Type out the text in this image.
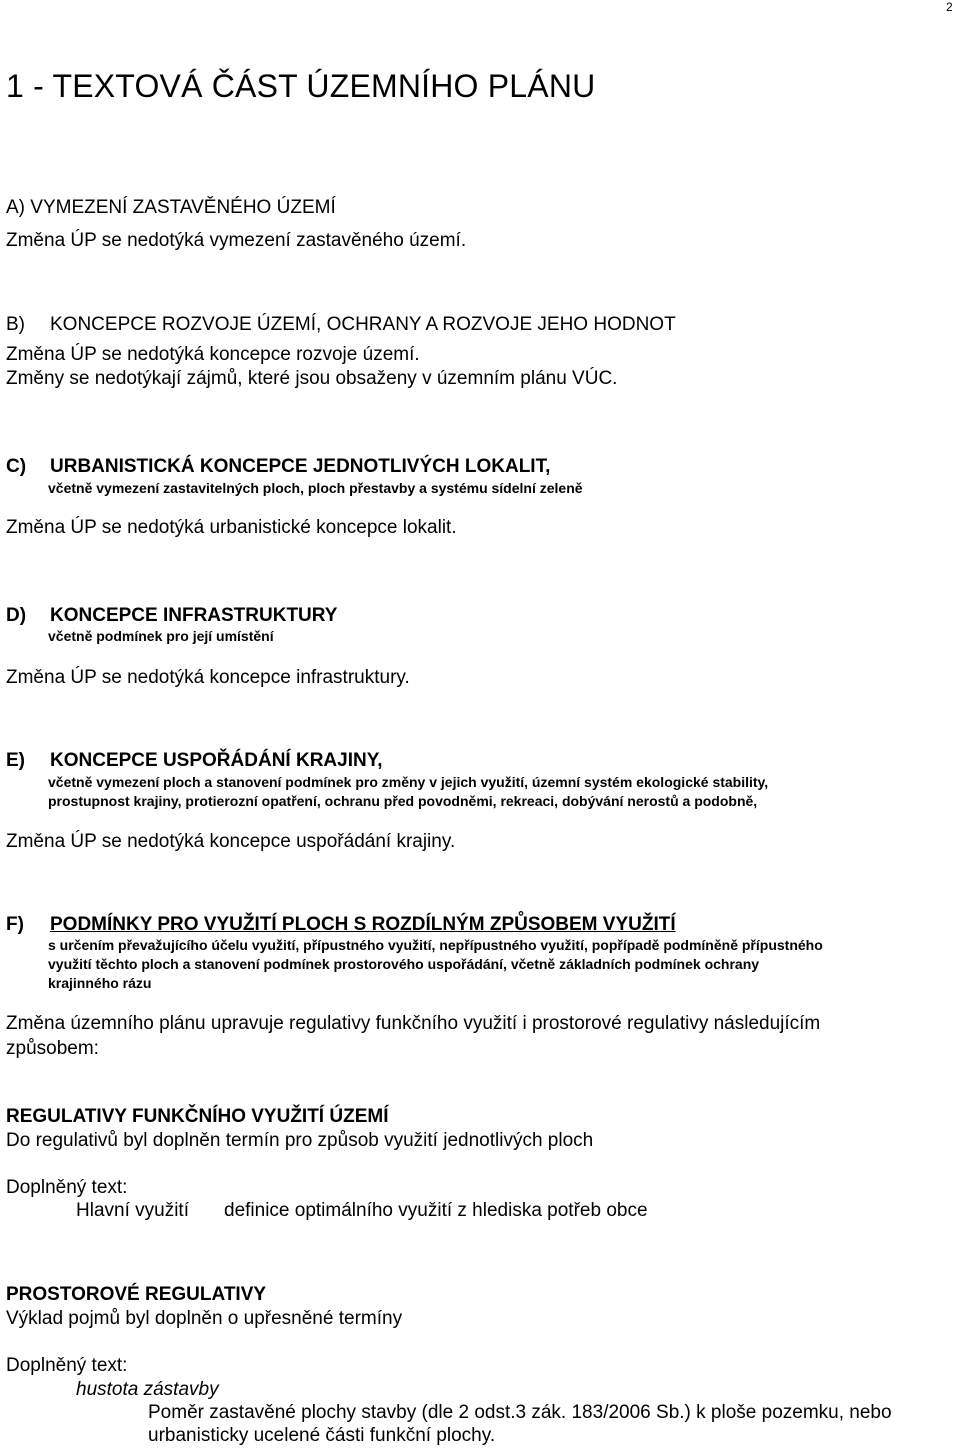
2
1 - TEXTOVÁ ČÁST ÚZEMNÍHO PLÁNU
A) VYMEZENÍ ZASTAVĚNÉHO ÚZEMÍ
Změna ÚP se nedotýká vymezení zastavěného území.
B) KONCEPCE ROZVOJE ÚZEMÍ, OCHRANY A ROZVOJE JEHO HODNOT
Změna ÚP se nedotýká koncepce rozvoje území.
Změny se nedotýkají zájmů, které jsou obsaženy v územním plánu VÚC.
C) URBANISTICKÁ KONCEPCE JEDNOTLIVÝCH LOKALIT,
včetně vymezení zastavitelných ploch, ploch přestavby a systému sídelní zeleně
Změna ÚP se nedotýká urbanistické koncepce lokalit.
D) KONCEPCE INFRASTRUKTURY
včetně podmínek pro její umístění
Změna ÚP se nedotýká koncepce infrastruktury.
E) KONCEPCE USPOŘÁDÁNÍ KRAJINY,
včetně vymezení ploch a stanovení podmínek pro změny v jejich využití, územní systém ekologické stability,
prostupnost krajiny, protierozní opatření, ochranu před povodněmi, rekreaci, dobývání nerostů a podobně,
Změna ÚP se nedotýká koncepce uspořádání krajiny.
F) PODMÍNKY PRO VYUŽITÍ PLOCH S ROZDÍLNÝM ZPŮSOBEM VYUŽITÍ
s určením převažujícího účelu využití, přípustného využití, nepřípustného využití, popřípadě podmíněně přípustného
využití těchto ploch a stanovení podmínek prostorového uspořádání, včetně základních podmínek ochrany
krajinného rázu
Změna územního plánu upravuje regulativy funkčního využití i prostorové regulativy následujícím
způsobem:
REGULATIVY FUNKČNÍHO VYUŽITÍ ÚZEMÍ
Do regulativů byl doplněn termín pro způsob využití jednotlivých ploch
Doplněný text:
Hlavní využití definice optimálního využití z hlediska potřeb obce
PROSTOROVÉ REGULATIVY
Výklad pojmů byl doplněn o upřesněné termíny
Doplněný text:
hustota zástavby
Poměr zastavěné plochy stavby (dle 2 odst.3 zák. 183/2006 Sb.) k ploše pozemku, nebo
urbanisticky ucelené části funkční plochy.
